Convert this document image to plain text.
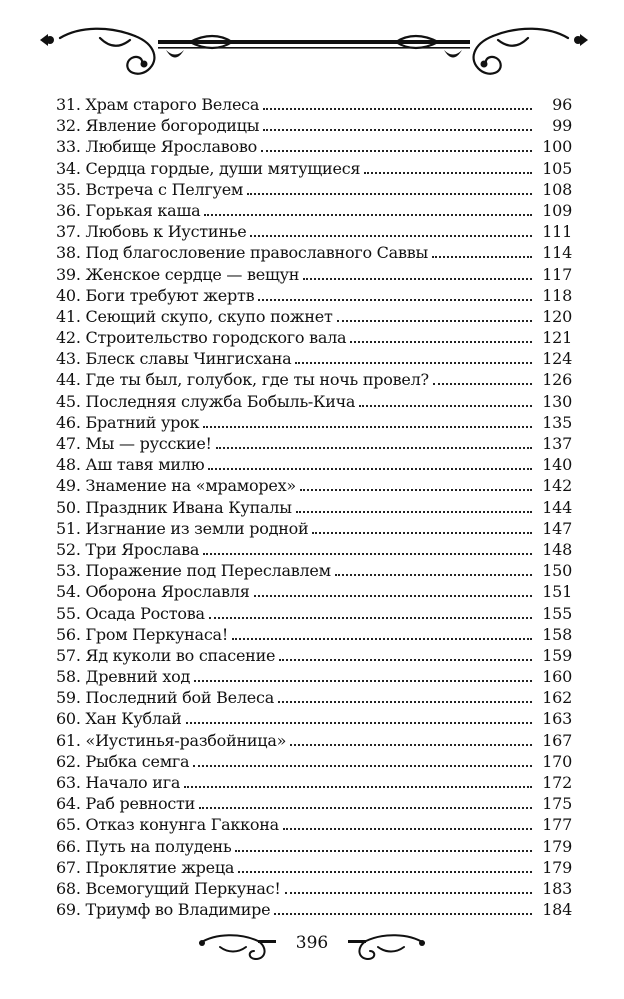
31. Храм старого Велеса	96
32. Явление богородицы	99
33. Любище Ярославово	100
34. Сердца гордые, души мятущиеся	105
35. Встреча с Пелгуем	108
36. Горькая каша	109
37. Любовь к Иустинье	111
38. Под благословение православного Саввы	114
39. Женское сердце — вещун	117
40. Боги требуют жертв	118
41. Сеющий скупо, скупо пожнет	120
42. Строительство городского вала	121
43. Блеск славы Чингисхана	124
44. Где ты был, голубок, где ты ночь провел?	126
45. Последняя служба Бобыль-Кича	130
46. Братний урок	135
47. Мы — русские!	137
48. Аш тавя милю	140
49. Знамение на «мраморех»	142
50. Праздник Ивана Купалы	144
51. Изгнание из земли родной	147
52. Три Ярослава	148
53. Поражение под Переславлем	150
54. Оборона Ярославля	151
55. Осада Ростова	155
56. Гром Перкунаса!	158
57. Яд куколи во спасение	159
58. Древний ход	160
59. Последний бой Велеса	162
60. Хан Кублай	163
61. «Иустинья-разбойница»	167
62. Рыбка семга	170
63. Начало ига	172
64. Раб ревности	175
65. Отказ конунга Гаккона	177
66. Путь на полудень	179
67. Проклятие жреца	179
68. Всемогущий Перкунас!	183
69. Триумф во Владимире	184
396
